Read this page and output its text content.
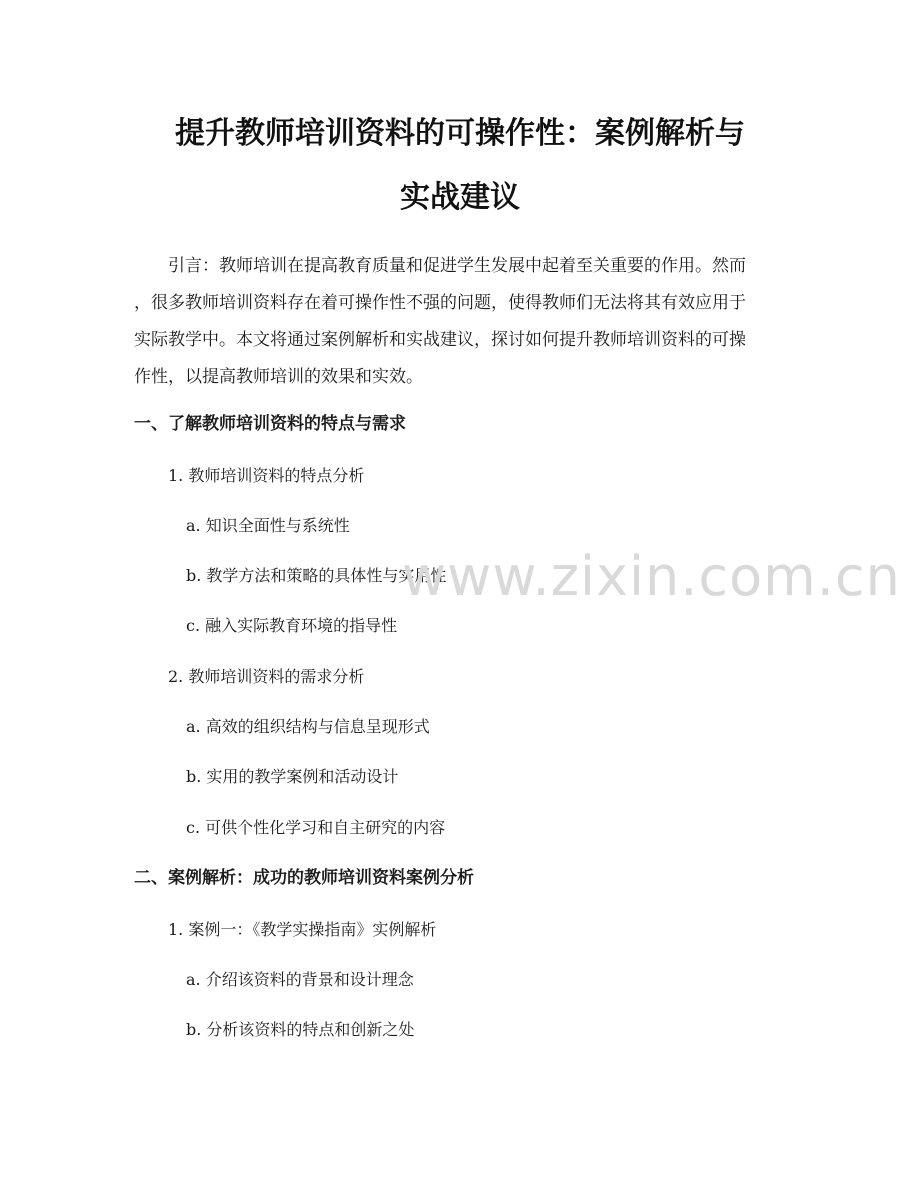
提升教师培训资料的可操作性：案例解析与
实战建议

引言：教师培训在提高教育质量和促进学生发展中起着至关重要的作用。然而
，很多教师培训资料存在着可操作性不强的问题，使得教师们无法将其有效应用于
实际教学中。本文将通过案例解析和实战建议，探讨如何提升教师培训资料的可操
作性，以提高教师培训的效果和实效。

一、了解教师培训资料的特点与需求

1. 教师培训资料的特点分析

a. 知识全面性与系统性

b. 教学方法和策略的具体性与实用性

c. 融入实际教育环境的指导性

2. 教师培训资料的需求分析

a. 高效的组织结构与信息呈现形式

b. 实用的教学案例和活动设计

c. 可供个性化学习和自主研究的内容

二、案例解析：成功的教师培训资料案例分析

1. 案例一：《教学实操指南》实例解析

a. 介绍该资料的背景和设计理念

b. 分析该资料的特点和创新之处

www.zixin.com.cn
